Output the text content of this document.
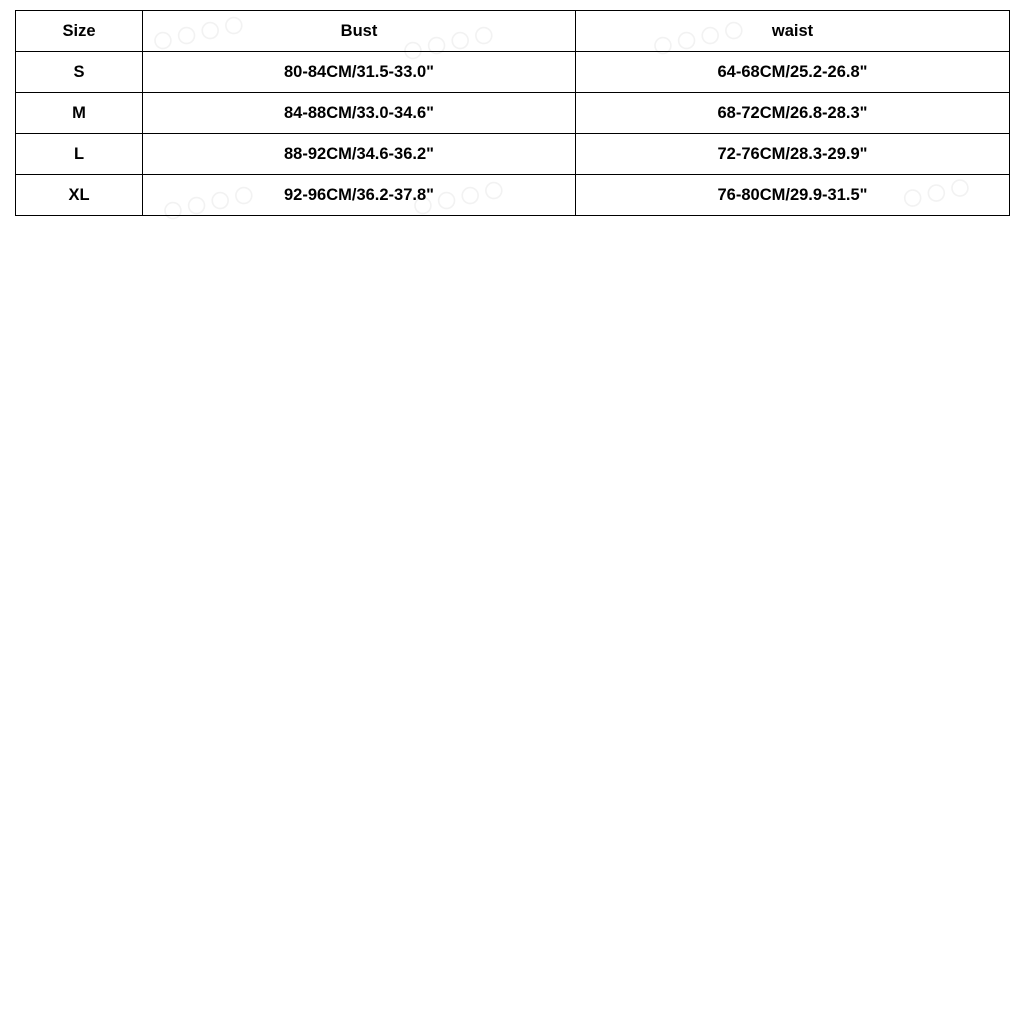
○○○○	○○○○	○○○○
○○○○	○○○○	○○○
Size	Bust	waist
S	80-84CM/31.5-33.0"	64-68CM/25.2-26.8"
M	84-88CM/33.0-34.6"	68-72CM/26.8-28.3"
L	88-92CM/34.6-36.2"	72-76CM/28.3-29.9"
XL	92-96CM/36.2-37.8"	76-80CM/29.9-31.5"
